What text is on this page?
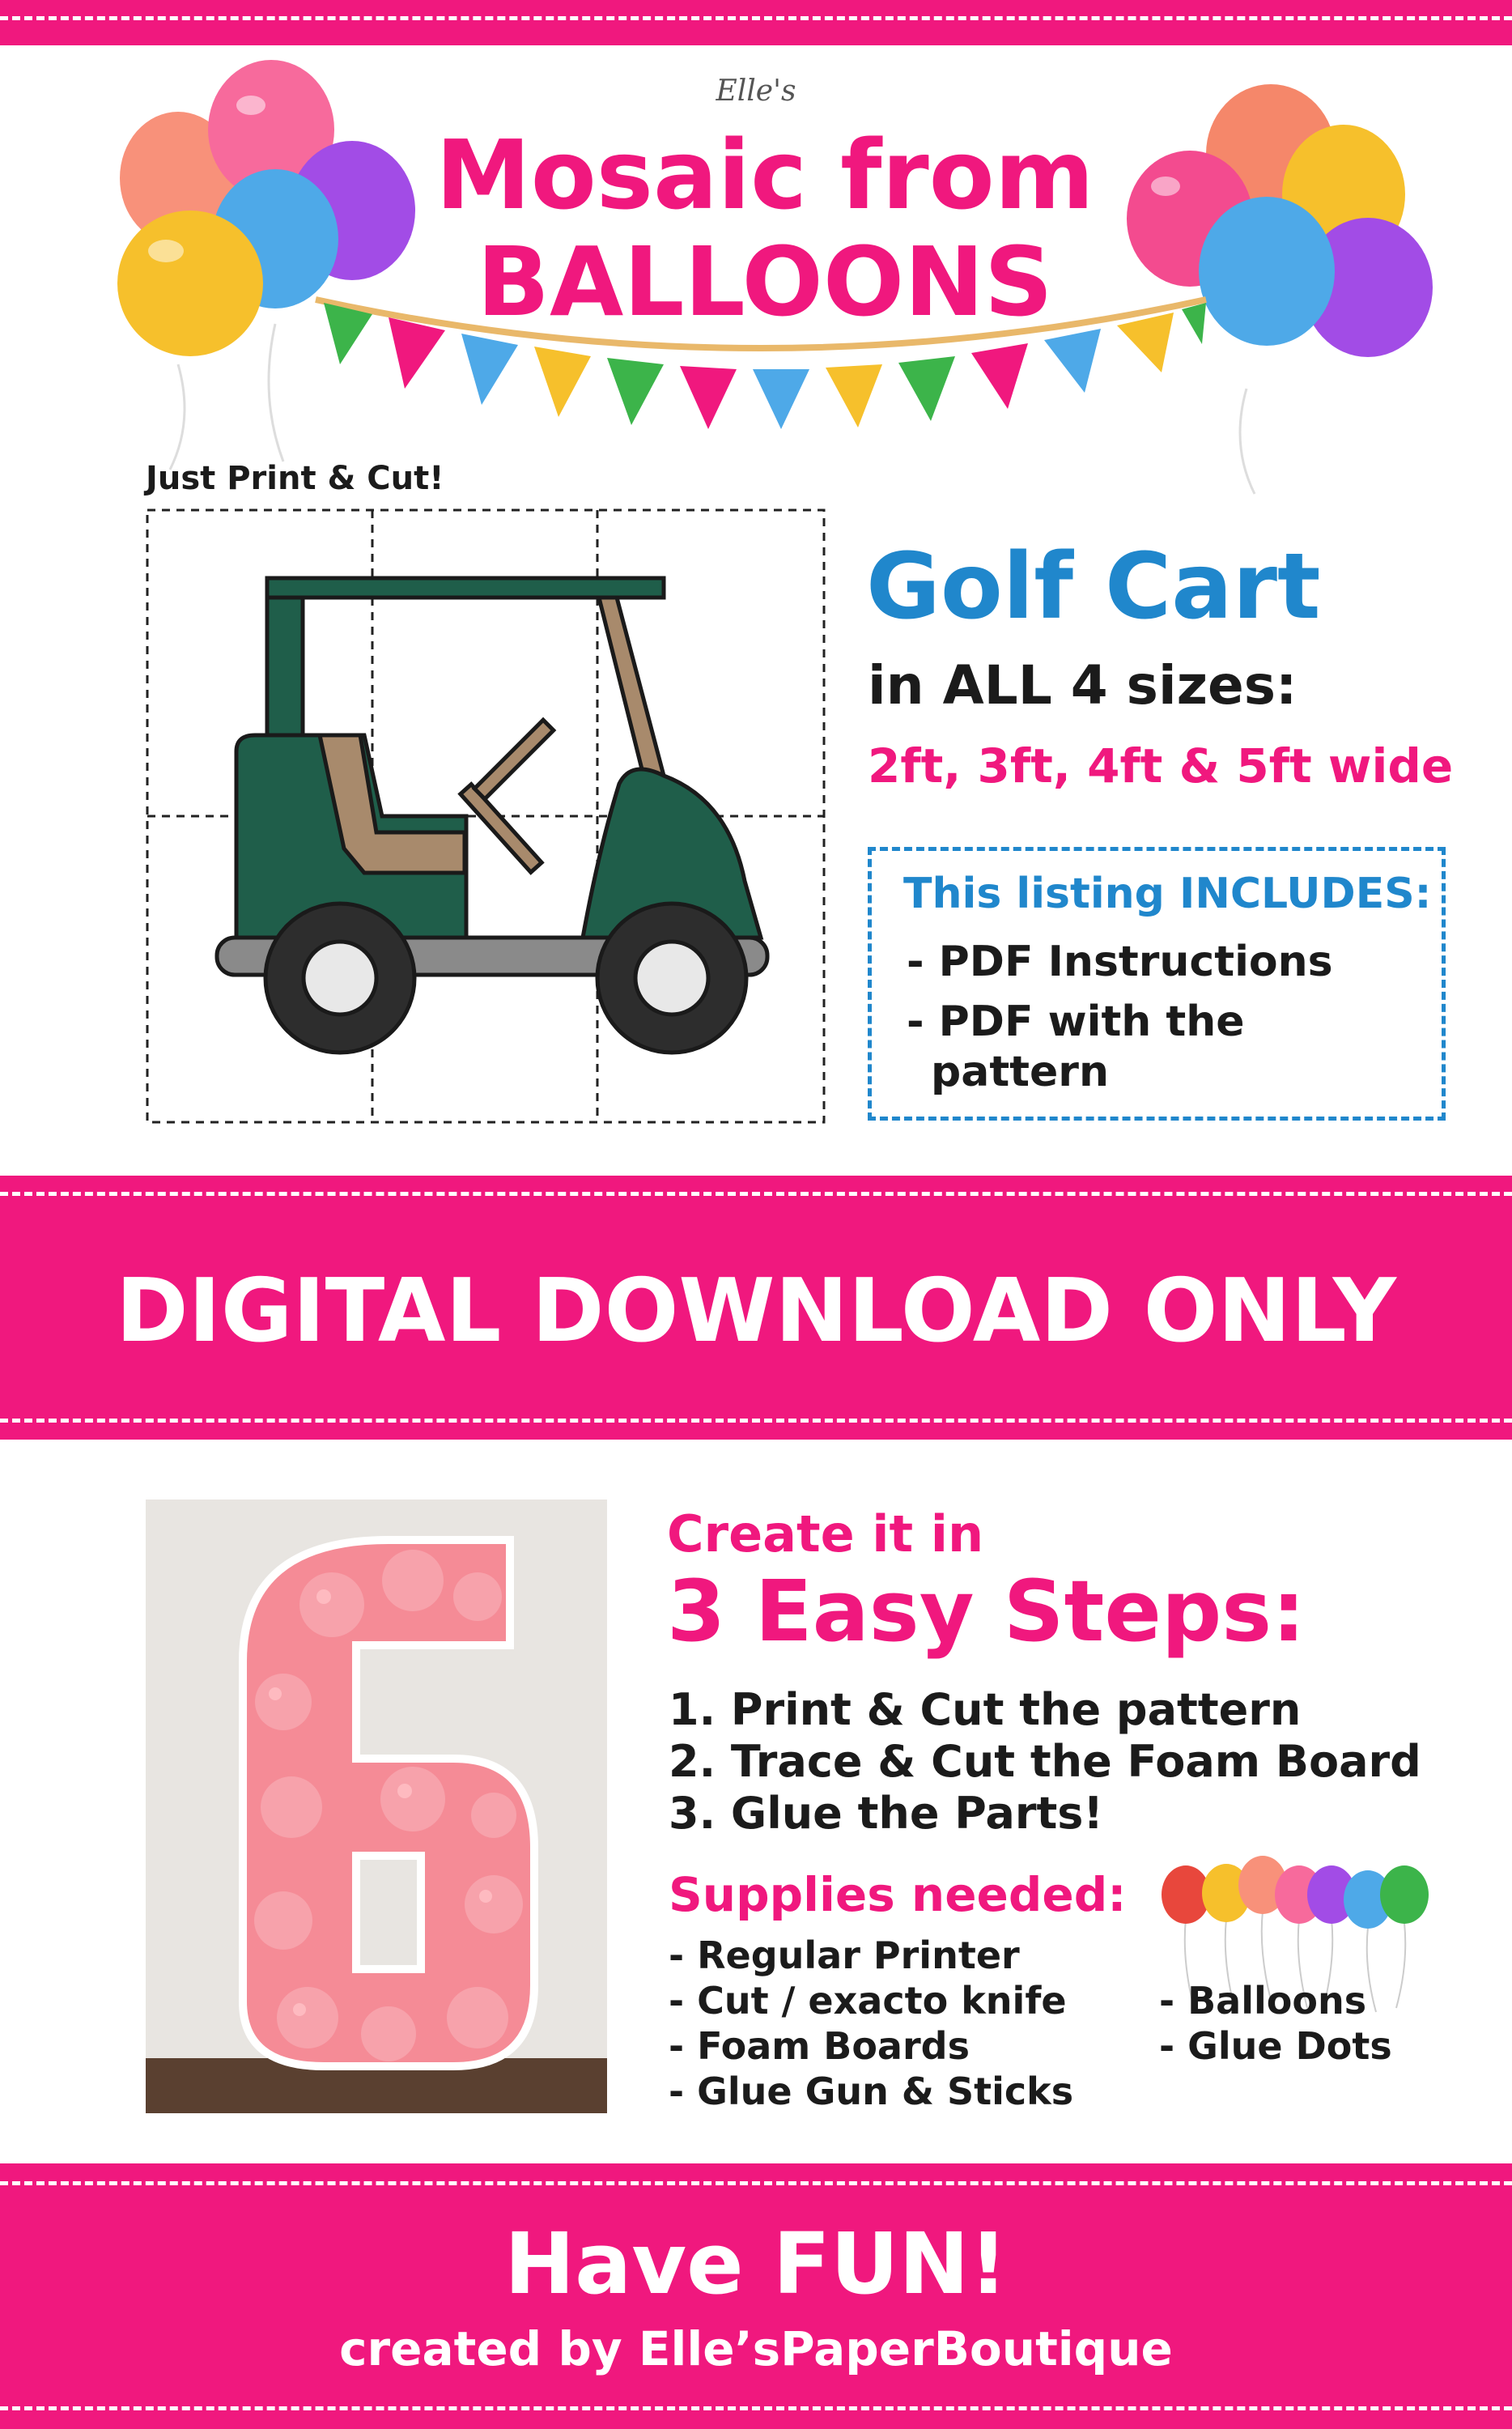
Elle's
Mosaic from
BALLOONS
Just Print & Cut!
Golf Cart
in ALL 4 sizes:
2ft, 3ft, 4ft & 5ft wide
This listing INCLUDES:
- PDF Instructions
- PDF with the
pattern
DIGITAL DOWNLOAD ONLY
Create it in
3 Easy Steps:
1. Print & Cut the pattern
2. Trace & Cut the Foam Board
3. Glue the Parts!
Supplies needed:
- Regular Printer
- Cut / exacto knife
- Foam Boards
- Glue Gun & Sticks
- Balloons
- Glue Dots
Have FUN!
created by Elle’sPaperBoutique
